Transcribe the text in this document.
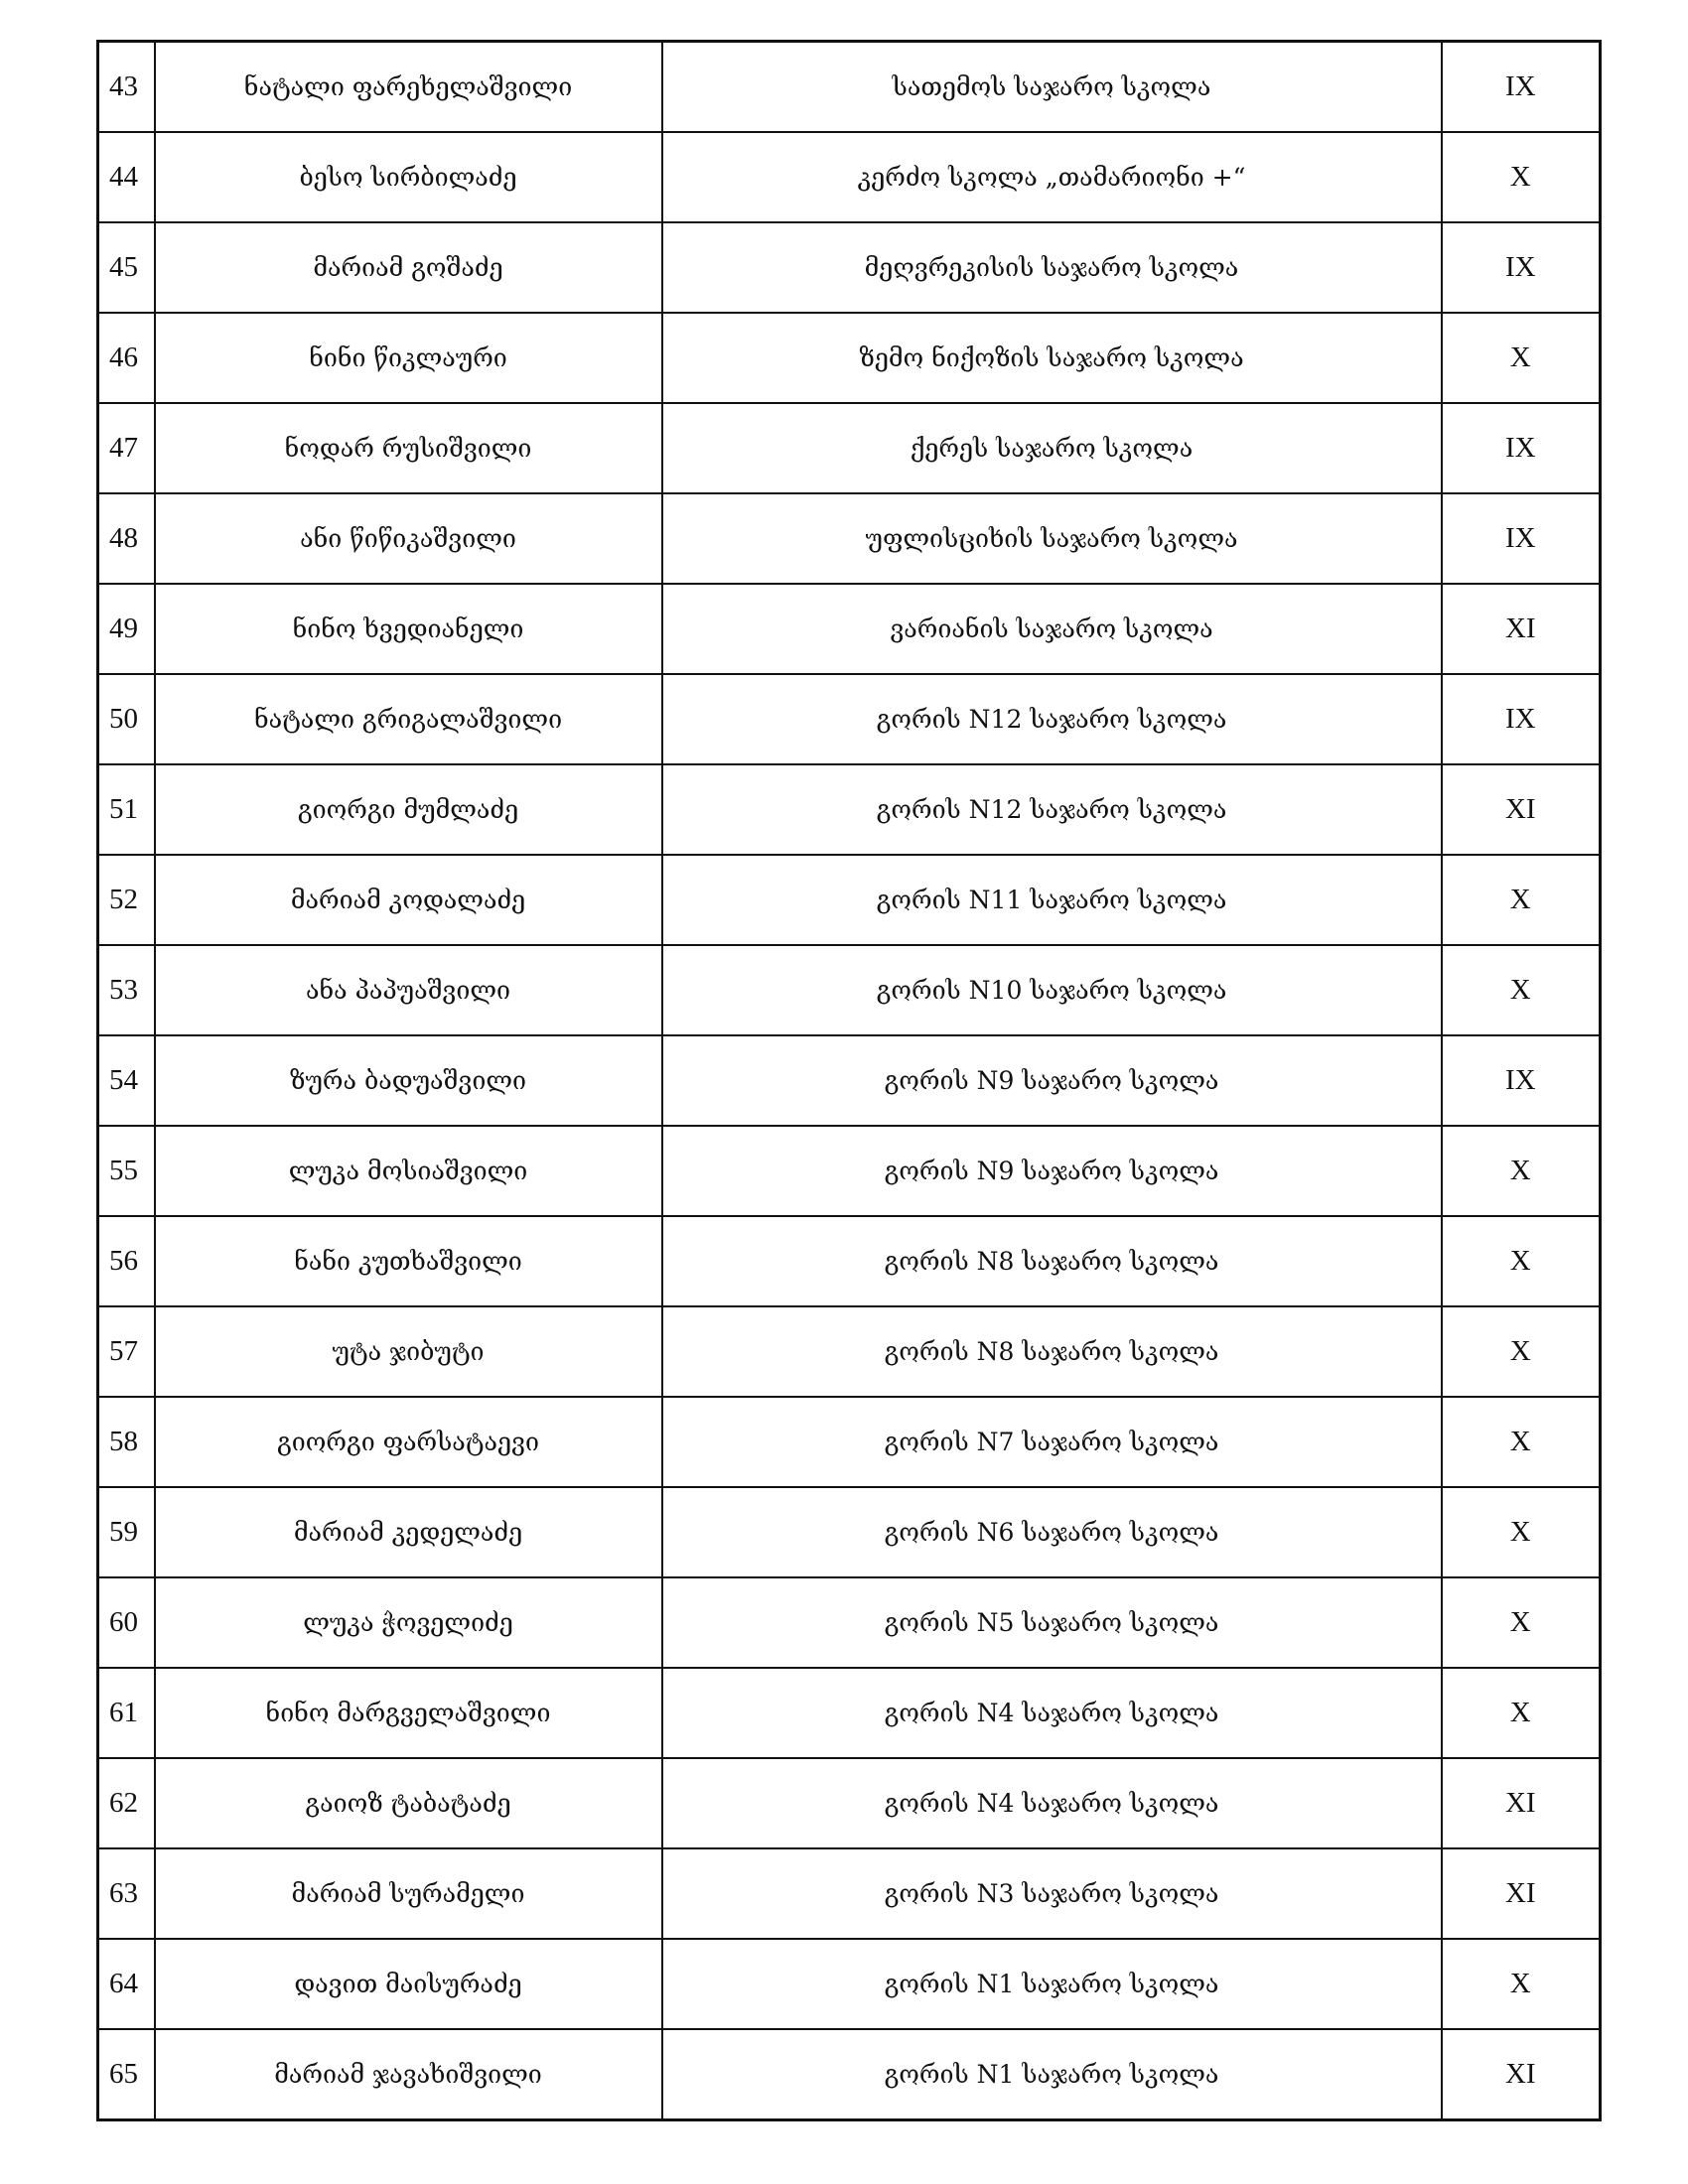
43	ნატალი ფარეხელაშვილი	სათემოს საჯარო სკოლა	IX
44	ბესო სირბილაძე	კერძო სკოლა „თამარიონი +“	X
45	მარიამ გოშაძე	მეღვრეკისის საჯარო სკოლა	IX
46	ნინი წიკლაური	ზემო ნიქოზის საჯარო სკოლა	X
47	ნოდარ რუსიშვილი	ქერეს საჯარო სკოლა	IX
48	ანი წიწიკაშვილი	უფლისციხის საჯარო სკოლა	IX
49	ნინო ხვედიანელი	ვარიანის საჯარო სკოლა	XI
50	ნატალი გრიგალაშვილი	გორის N12 საჯარო სკოლა	IX
51	გიორგი მუმლაძე	გორის N12 საჯარო სკოლა	XI
52	მარიამ კოდალაძე	გორის N11 საჯარო სკოლა	X
53	ანა პაპუაშვილი	გორის N10 საჯარო სკოლა	X
54	ზურა ბადუაშვილი	გორის N9 საჯარო სკოლა	IX
55	ლუკა მოსიაშვილი	გორის N9 საჯარო სკოლა	X
56	ნანი კუთხაშვილი	გორის N8 საჯარო სკოლა	X
57	უტა ჯიბუტი	გორის N8 საჯარო სკოლა	X
58	გიორგი ფარსატაევი	გორის N7 საჯარო სკოლა	X
59	მარიამ კედელაძე	გორის N6 საჯარო სკოლა	X
60	ლუკა ჭოველიძე	გორის N5 საჯარო სკოლა	X
61	ნინო მარგველაშვილი	გორის N4 საჯარო სკოლა	X
62	გაიოზ ტაბატაძე	გორის N4 საჯარო სკოლა	XI
63	მარიამ სურამელი	გორის N3 საჯარო სკოლა	XI
64	დავით მაისურაძე	გორის N1 საჯარო სკოლა	X
65	მარიამ ჯავახიშვილი	გორის N1 საჯარო სკოლა	XI
